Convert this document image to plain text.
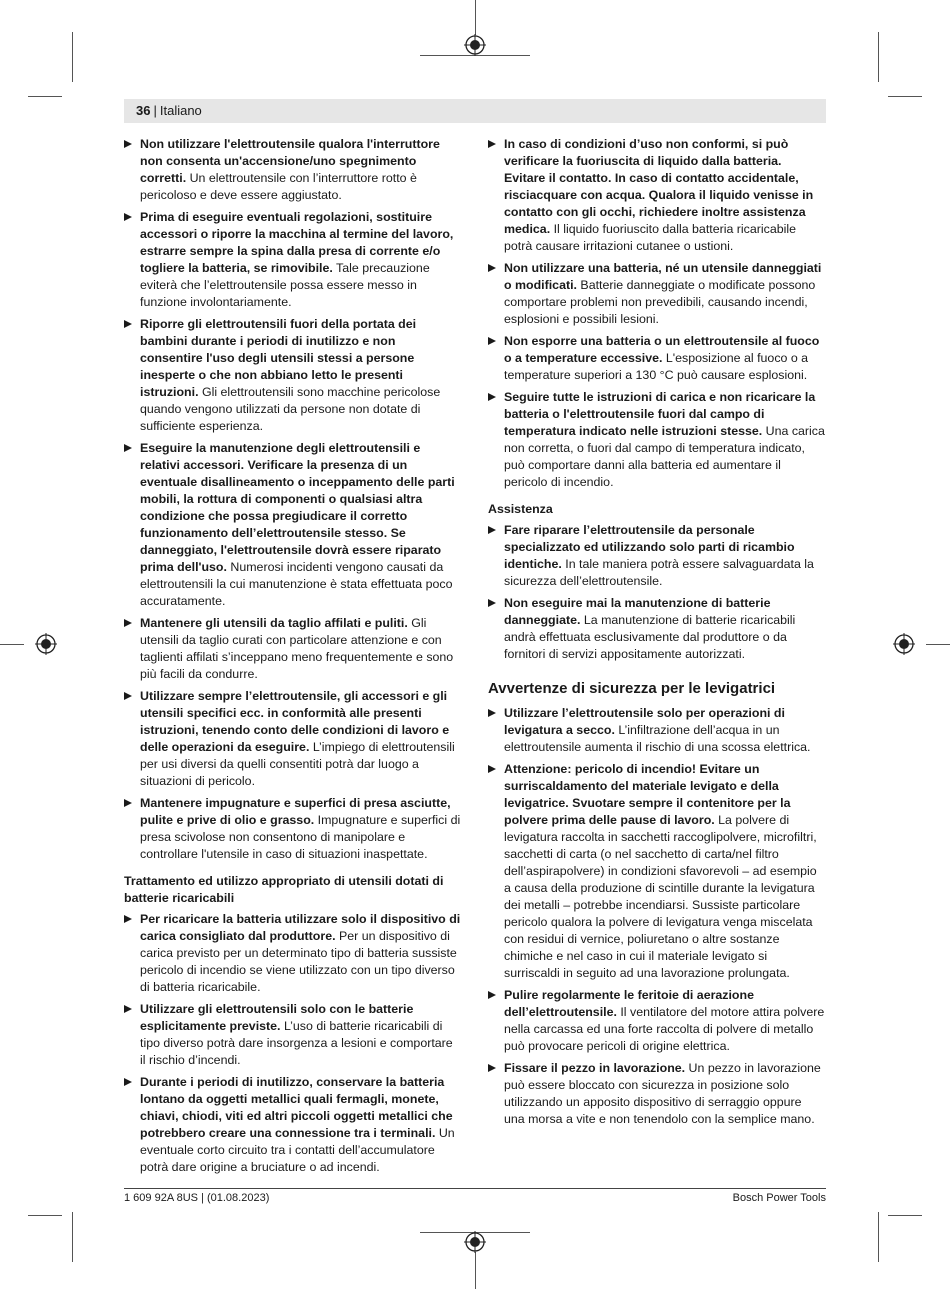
36 | Italiano
Non utilizzare l'elettroutensile qualora l'interruttore non consenta un'accensione/uno spegnimento corretti. Un elettroutensile con l’interruttore rotto è pericoloso e deve essere aggiustato.
Prima di eseguire eventuali regolazioni, sostituire accessori o riporre la macchina al termine del lavoro, estrarre sempre la spina dalla presa di corrente e/o togliere la batteria, se rimovibile. Tale precauzione eviterà che l’elettroutensile possa essere messo in funzione involontariamente.
Riporre gli elettroutensili fuori della portata dei bambini durante i periodi di inutilizzo e non consentire l'uso degli utensili stessi a persone inesperte o che non abbiano letto le presenti istruzioni. Gli elettroutensili sono macchine pericolose quando vengono utilizzati da persone non dotate di sufficiente esperienza.
Eseguire la manutenzione degli elettroutensili e relativi accessori. Verificare la presenza di un eventuale disallineamento o inceppamento delle parti mobili, la rottura di componenti o qualsiasi altra condizione che possa pregiudicare il corretto funzionamento dell’elettroutensile stesso. Se danneggiato, l'elettroutensile dovrà essere riparato prima dell'uso. Numerosi incidenti vengono causati da elettroutensili la cui manutenzione è stata effettuata poco accuratamente.
Mantenere gli utensili da taglio affilati e puliti. Gli utensili da taglio curati con particolare attenzione e con taglienti affilati s’inceppano meno frequentemente e sono più facili da condurre.
Utilizzare sempre l’elettroutensile, gli accessori e gli utensili specifici ecc. in conformità alle presenti istruzioni, tenendo conto delle condizioni di lavoro e delle operazioni da eseguire. L’impiego di elettroutensili per usi diversi da quelli consentiti potrà dar luogo a situazioni di pericolo.
Mantenere impugnature e superfici di presa asciutte, pulite e prive di olio e grasso. Impugnature e superfici di presa scivolose non consentono di manipolare e controllare l'utensile in caso di situazioni inaspettate.
Trattamento ed utilizzo appropriato di utensili dotati di batterie ricaricabili
Per ricaricare la batteria utilizzare solo il dispositivo di carica consigliato dal produttore. Per un dispositivo di carica previsto per un determinato tipo di batteria sussiste pericolo di incendio se viene utilizzato con un tipo diverso di batteria ricaricabile.
Utilizzare gli elettroutensili solo con le batterie esplicitamente previste. L’uso di batterie ricaricabili di tipo diverso potrà dare insorgenza a lesioni e comportare il rischio d’incendi.
Durante i periodi di inutilizzo, conservare la batteria lontano da oggetti metallici quali fermagli, monete, chiavi, chiodi, viti ed altri piccoli oggetti metallici che potrebbero creare una connessione tra i terminali. Un eventuale corto circuito tra i contatti dell’accumulatore potrà dare origine a bruciature o ad incendi.
In caso di condizioni d’uso non conformi, si può verificare la fuoriuscita di liquido dalla batteria. Evitare il contatto. In caso di contatto accidentale, risciacquare con acqua. Qualora il liquido venisse in contatto con gli occhi, richiedere inoltre assistenza medica. Il liquido fuoriuscito dalla batteria ricaricabile potrà causare irritazioni cutanee o ustioni.
Non utilizzare una batteria, né un utensile danneggiati o modificati. Batterie danneggiate o modificate possono comportare problemi non prevedibili, causando incendi, esplosioni e possibili lesioni.
Non esporre una batteria o un elettroutensile al fuoco o a temperature eccessive. L'esposizione al fuoco o a temperature superiori a 130 °C può causare esplosioni.
Seguire tutte le istruzioni di carica e non ricaricare la batteria o l'elettroutensile fuori dal campo di temperatura indicato nelle istruzioni stesse. Una carica non corretta, o fuori dal campo di temperatura indicato, può comportare danni alla batteria ed aumentare il pericolo di incendio.
Assistenza
Fare riparare l’elettroutensile da personale specializzato ed utilizzando solo parti di ricambio identiche. In tale maniera potrà essere salvaguardata la sicurezza dell’elettroutensile.
Non eseguire mai la manutenzione di batterie danneggiate. La manutenzione di batterie ricaricabili andrà effettuata esclusivamente dal produttore o da fornitori di servizi appositamente autorizzati.
Avvertenze di sicurezza per le levigatrici
Utilizzare l’elettroutensile solo per operazioni di levigatura a secco. L’infiltrazione dell’acqua in un elettroutensile aumenta il rischio di una scossa elettrica.
Attenzione: pericolo di incendio! Evitare un surriscaldamento del materiale levigato e della levigatrice. Svuotare sempre il contenitore per la polvere prima delle pause di lavoro. La polvere di levigatura raccolta in sacchetti raccoglipolvere, microfiltri, sacchetti di carta (o nel sacchetto di carta/nel filtro dell’aspirapolvere) in condizioni sfavorevoli – ad esempio a causa della produzione di scintille durante la levigatura dei metalli – potrebbe incendiarsi. Sussiste particolare pericolo qualora la polvere di levigatura venga miscelata con residui di vernice, poliuretano o altre sostanze chimiche e nel caso in cui il materiale levigato si surriscaldi in seguito ad una lavorazione prolungata.
Pulire regolarmente le feritoie di aerazione dell’elettroutensile. Il ventilatore del motore attira polvere nella carcassa ed una forte raccolta di polvere di metallo può provocare pericoli di origine elettrica.
Fissare il pezzo in lavorazione. Un pezzo in lavorazione può essere bloccato con sicurezza in posizione solo utilizzando un apposito dispositivo di serraggio oppure una morsa a vite e non tenendolo con la semplice mano.
1 609 92A 8US | (01.08.2023)	Bosch Power Tools
